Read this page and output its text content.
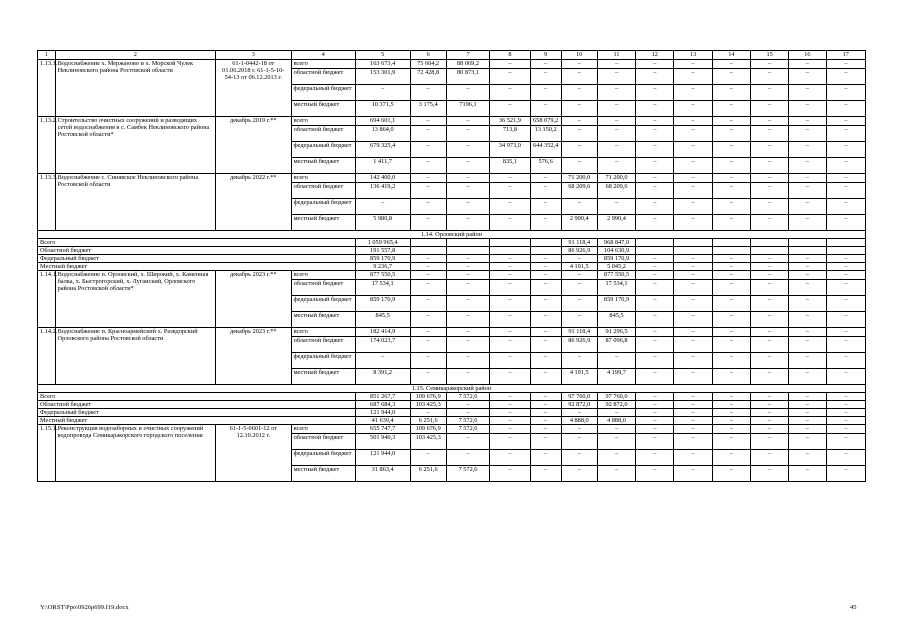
1	2	3	4	5	6	7	8	9	10	11	12	13	14	15	16	17
1.13.1.	Водоснабжение х. Мержаново и х. Морской Чулек Неклиновского района Ростовской области	61-1-0442-18 от 01.06.2018 г. 61-1-5-10-54-13 от 06.12.2013 г.	всего	163 673,4	75 604,2	88 069,2	–	–	–	–	–	–	–	–	–	–
			областной бюджет	153 301,9	72 428,8	80 873,1	–	–	–	–	–	–	–	–	–	–
			федеральный бюджет	–	–	–	–	–	–	–	–	–	–	–	–	–
			местный бюджет	10 371,5	3 175,4	7196,1	–	–	–	–	–	–	–	–	–	–
1.13.2.	Строительство очистных сооружений и разводящих сетей водоснабжения в с. Самбек Неклиновского района Ростовской области*	декабрь 2019 г.**	всего	694 601,1	–	–	36 521,9	658 079,2	–	–	–	–	–	–	–	–
			областной бюджет	13 864,0	–	–	713,8	13 150,2	–	–	–	–	–	–	–	–
			федеральный бюджет	679 325,4	–	–	34 973,0	644 352,4	–	–	–	–	–	–	–	–
			местный бюджет	1 411,7	–	–	835,1	576,6	–	–	–	–	–	–	–	–
1.13.3.	Водоснабжение с. Синявское Неклиновского района Ростовской области	декабрь 2022 г.**	всего	142 400,0	–	–	–	–	71 200,0	71 200,0	–	–	–	–	–	–
			областной бюджет	136 419,2	–	–	–	–	68 209,6	68 209,6	–	–	–	–	–	–
			федеральный бюджет	–	–	–	–	–	–	–	–	–	–	–	–	–
			местный бюджет	5 980,8	–	–	–	–	2 990,4	2 990,4	–	–	–	–	–	–
1.14. Орловский район																
Всего				1 059 965,4					91 118,4	968 847,0						
Областной бюджет				191 557,8					86 926,9	104 630,9						
Федеральный бюджет				859 170,9	–	–	–	–	–	859 170,9	–	–	–	–	–	–
Местный бюджет				9 236,7	–	–	–	–	4 191,5	5 045,2	–	–	–	–	–	–
1.14.1.	Водоснабжение п. Орловский, х. Широкий, х. Каменная балка, х. Быстрогорский, х. Луганский, Орловского района Ростовской области*	декабрь 2023 г.**	всего	877 550,5	–	–	–	–	–	877 550,5	–	–	–	–	–	–
			областной бюджет	17 534,1	–	–	–	–	–	17 534,1	–	–	–	–	–	–
			федеральный бюджет	859 170,9	–	–	–	–	–	859 170,9	–	–	–	–	–	–
			местный бюджет	845,5	–	–	–	–	–	845,5	–	–	–	–	–	–
1.14.2.	Водоснабжение п. Красноармейский х. Развдорский Орловского района Ростовской области	декабрь 2023 г.**	всего	182 414,9	–	–	–	–	91 118,4	91 296,5	–	–	–	–	–	–
			областной бюджет	174 023,7	–	–	–	–	86 926,9	87 096,8	–	–	–	–	–	–
			федеральный бюджет	–	–	–	–	–	–	–	–	–	–	–	–	–
			местный бюджет	8 391,2	–	–	–	–	4 191,5	4 199,7	–	–	–	–	–	–
1.15. Семикаракорский район																
Всего				851 267,7	109 676,9	7 572,6	–	–	97 760,0	97 760,0	–	–	–	–	–	–
Областной бюджет				687 684,3	103 425,3	–	–	–	92 872,0	92 872,0	–	–	–	–	–	–
Федеральный бюджет				121 944,0	–	–	–	–	–	–	–	–	–	–	–	–
Местный бюджет				41 639,4	6 251,6	7 572,6	–	–	4 888,0	4 888,0	–	–	–	–	–	–
1.15.1.	Реконструкция водозаборных и очистных сооружений водопровода Семикаракорского городского поселения	61-1-5-0601-12 от 12.10.2012 г.	всего	655 747,7	109 676,9	7 572,6	–	–	–	–	–	–	–	–	–	–
			областной бюджет	501 940,3	103 425,3	–	–	–	–	–	–	–	–	–	–	–
			федеральный бюджет	121 944,0	–	–	–	–	–	–	–	–	–	–	–	–
			местный бюджет	31 863,4	6 251,6	7 572,6	–	–	–	–	–	–	–	–	–	–
Y:\ORST\Ppo\0926p699.f19.docx	45
